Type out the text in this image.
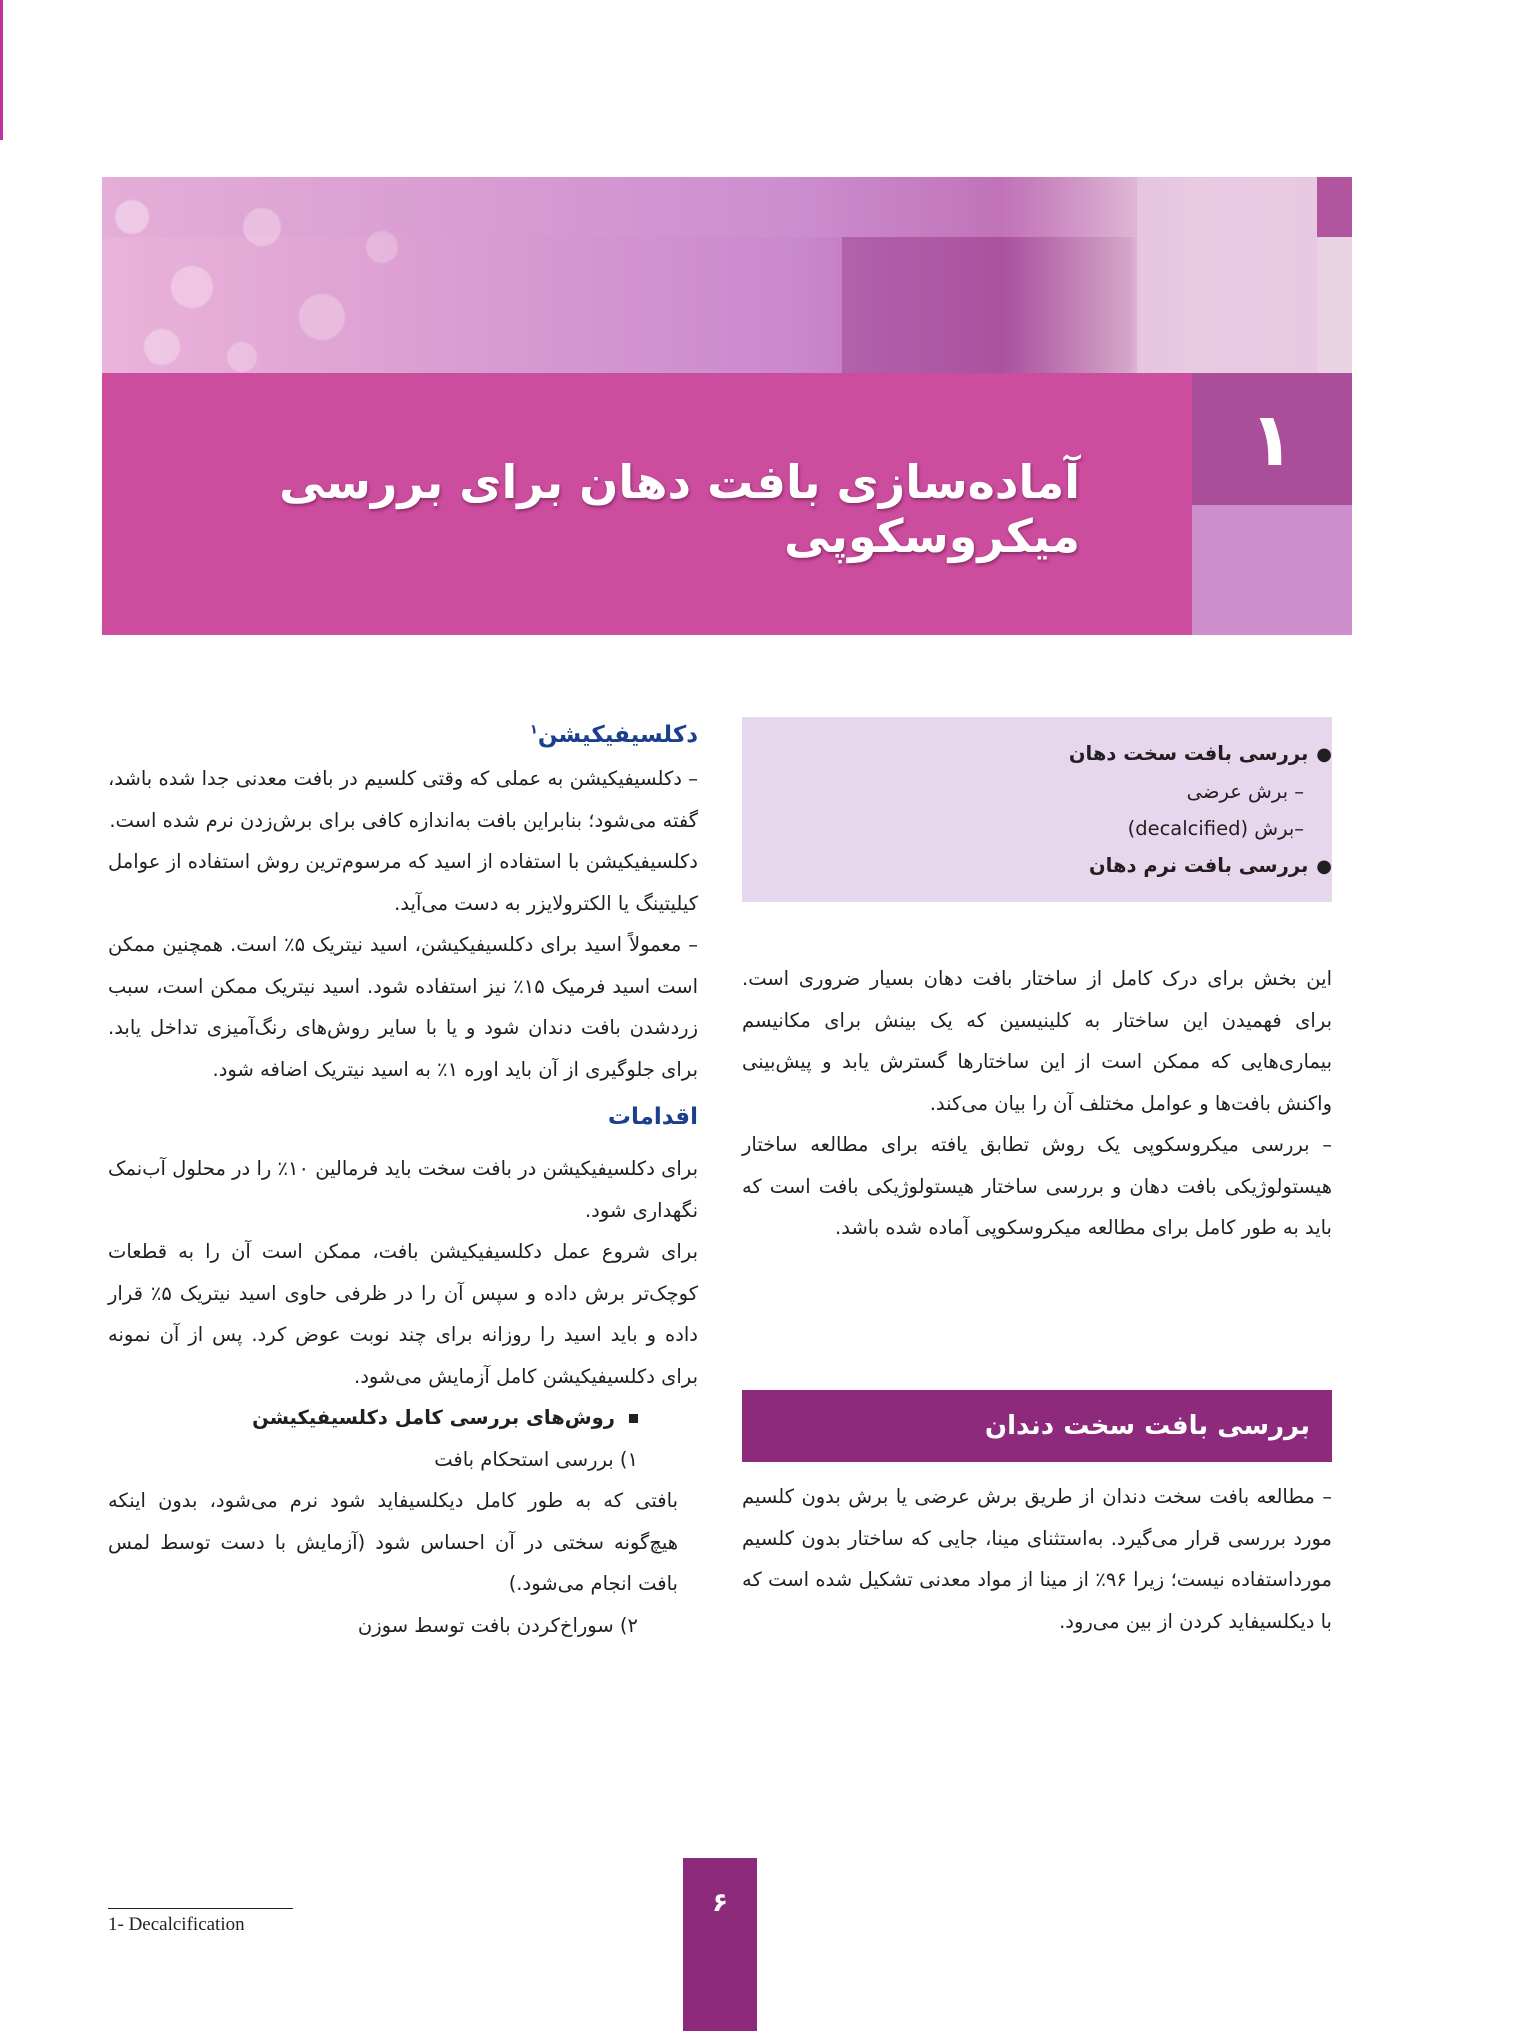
۱
آماده‌سازی بافت دهان برای بررسی میکروسکوپی
●بررسی بافت سخت دهان
– برش عرضی
–برش (decalcified)
●بررسی بافت نرم دهان

این بخش برای درک کامل از ساختار بافت دهان بسیار ضروری است. برای فهمیدن این ساختار به کلینیسین که یک بینش برای مکانیسم بیماری‌هایی که ممکن است از این ساختارها گسترش یابد و پیش‌بینی واکنش بافت‌ها و عوامل مختلف آن را بیان می‌کند.

– بررسی میکروسکوپی یک روش تطابق یافته برای مطالعه ساختار هیستولوژیکی بافت دهان و بررسی ساختار هیستولوژیکی بافت است که باید به طور کامل برای مطالعه میکروسکوپی آماده شده باشد.

بررسی بافت سخت دندان

– مطالعه بافت سخت دندان از طریق برش عرضی یا برش بدون کلسیم مورد بررسی قرار می‌گیرد. به‌استثنای مینا، جایی که ساختار بدون کلسیم مورداستفاده نیست؛ زیرا ۹۶٪ از مینا از مواد معدنی تشکیل شده است که با دیکلسیفاید کردن از بین می‌رود.

دکلسیفیکیشن$^۱$

– دکلسیفیکیشن به عملی که وقتی کلسیم در بافت معدنی جدا شده باشد، گفته می‌شود؛ بنابراین بافت به‌اندازه کافی برای برش‌زدن نرم شده است.

دکلسیفیکیشن با استفاده از اسید که مرسوم‌ترین روش استفاده از عوامل کیلیتینگ یا الکترولایزر به دست می‌آید.

– معمولاً اسید برای دکلسیفیکیشن، اسید نیتریک ۵٪ است. همچنین ممکن است اسید فرمیک ۱۵٪ نیز استفاده شود. اسید نیتریک ممکن است، سبب زردشدن بافت دندان شود و یا با سایر روش‌های رنگ‌آمیزی تداخل یابد. برای جلوگیری از آن باید اوره ۱٪ به اسید نیتریک اضافه شود.

اقدامات

برای دکلسیفیکیشن در بافت سخت باید فرمالین ۱۰٪ را در محلول آب‌نمک نگهداری شود.

برای شروع عمل دکلسیفیکیشن بافت، ممکن است آن را به قطعات کوچک‌تر برش داده و سپس آن را در ظرفی حاوی اسید نیتریک ۵٪ قرار داده و باید اسید را روزانه برای چند نوبت عوض کرد. پس از آن نمونه برای دکلسیفیکیشن کامل آزمایش می‌شود.

روش‌های بررسی کامل دکلسیفیکیشن

۱) بررسی استحکام بافت

بافتی که به طور کامل دیکلسیفاید شود نرم می‌شود، بدون اینکه هیچ‌گونه سختی در آن احساس شود (آزمایش با دست توسط لمس بافت انجام می‌شود.)

۲) سوراخ‌کردن بافت توسط سوزن

1- Decalcification
۶
